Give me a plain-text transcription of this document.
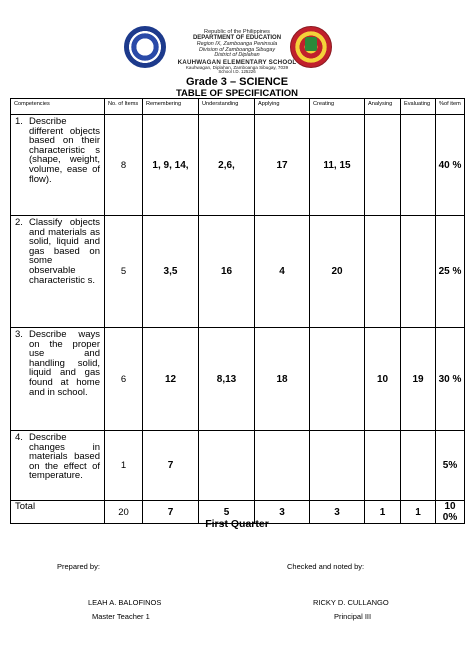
Republic of the Philippines
DEPARTMENT OF EDUCATION
Region IX, Zamboanga Peninsula
Division of Zamboanga Sibugay
District of Diplahan
KAUHWAGAN ELEMENTARY SCHOOL
Kauhwagan, Diplahan, Zamboanga Sibugay, 7039
School I.D. 125226
Grade 3 – SCIENCE
TABLE OF SPECIFICATION
Competencies	No. of Items	Remembering	Understanding	Applying	Creating	Analysing	Evaluating	%of item

1. Describe different objects based on their characteristic s (shape, weight, volume, ease of flow).	8	1, 9, 14,	2,6,	17	11, 15			40 %

2. Classify objects and materials as solid, liquid and gas based on some observable characteristic s.	5	3,5	16	4	20			25 %

3. Describe ways on the proper use and handling solid, liquid and gas found at home and in school.	6	12	8,13	18		10	19	30 %

4. Describe changes in materials based on the effect of temperature.	1	7						5%
Total	20	7	5	3	3	1	1	10 0%
First Quarter
Prepared by:	Checked and noted by:
LEAH A. BALOFINOS
Master Teacher 1
RICKY D. CULLANGO
Principal III
